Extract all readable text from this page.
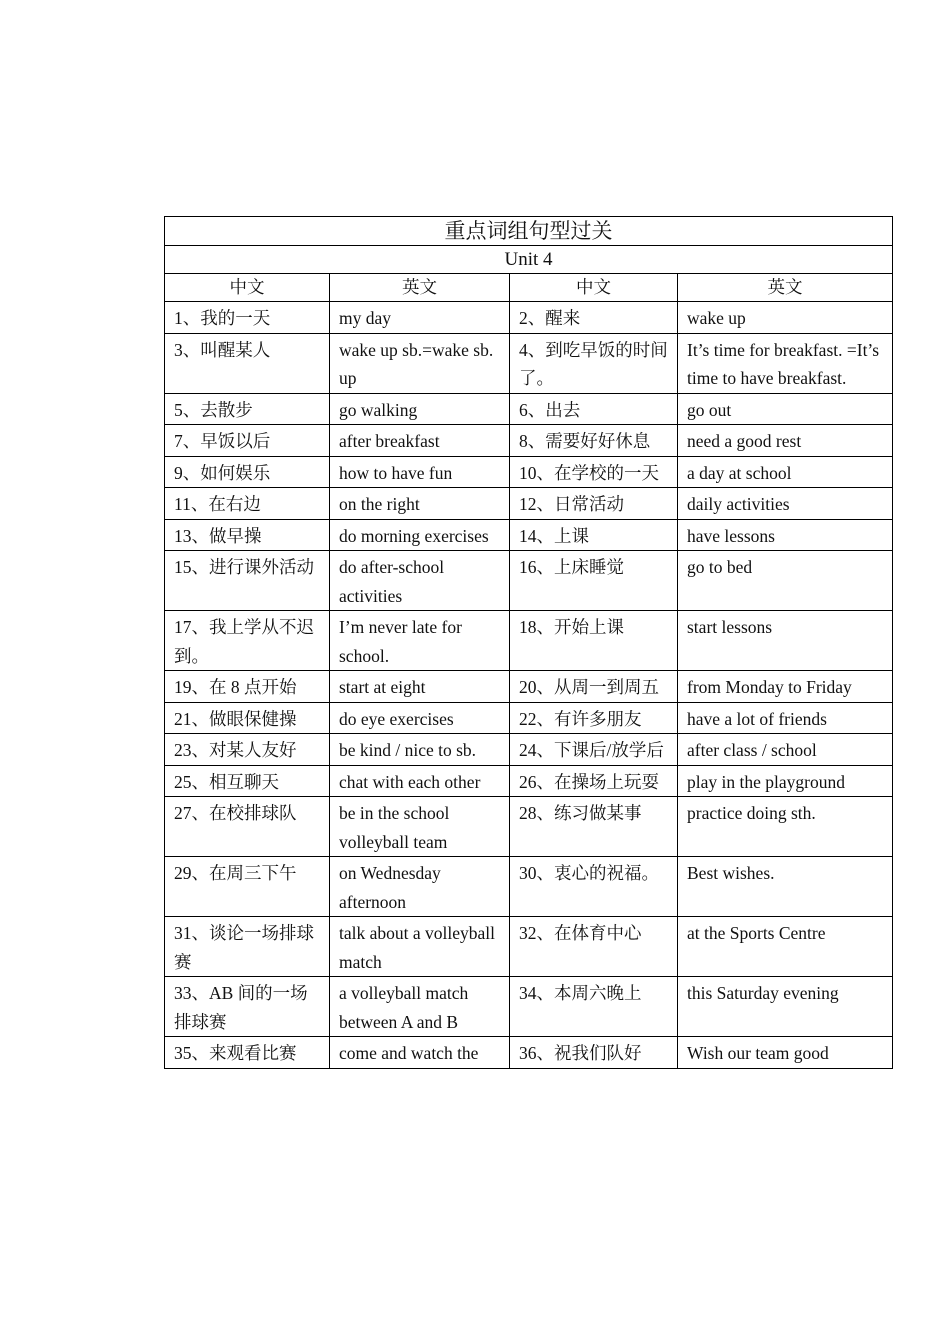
重点词组句型过关			
Unit 4			
中文	英文	中文	英文
1、我的一天	my day	2、醒来	wake up
3、叫醒某人	wake up sb.=wake sb. up	4、到吃早饭的时间了。	It’s time for breakfast. =It’s time to have breakfast.
5、去散步	go walking	6、出去	go out
7、早饭以后	after breakfast	8、需要好好休息	need a good rest
9、如何娱乐	how to have fun	10、在学校的一天	a day at school
11、在右边	on the right	12、日常活动	daily activities
13、做早操	do morning exercises	14、上课	have lessons
15、进行课外活动	do after-school activities	16、上床睡觉	go to bed
17、我上学从不迟到。	I’m never late for school.	18、开始上课	start lessons
19、在 8 点开始	start at eight	20、从周一到周五	from Monday to Friday
21、做眼保健操	do eye exercises	22、有许多朋友	have a lot of friends
23、对某人友好	be kind / nice to sb.	24、下课后/放学后	after class / school
25、相互聊天	chat with each other	26、在操场上玩耍	play in the playground
27、在校排球队	be in the school volleyball team	28、练习做某事	practice doing sth.
29、在周三下午	on Wednesday afternoon	30、衷心的祝福。	Best wishes.
31、谈论一场排球赛	talk about a volleyball match	32、在体育中心	at the Sports Centre
33、AB 间的一场排球赛	a volleyball match between A and B	34、本周六晚上	this Saturday evening
35、来观看比赛	come and watch the	36、祝我们队好	Wish our team good
